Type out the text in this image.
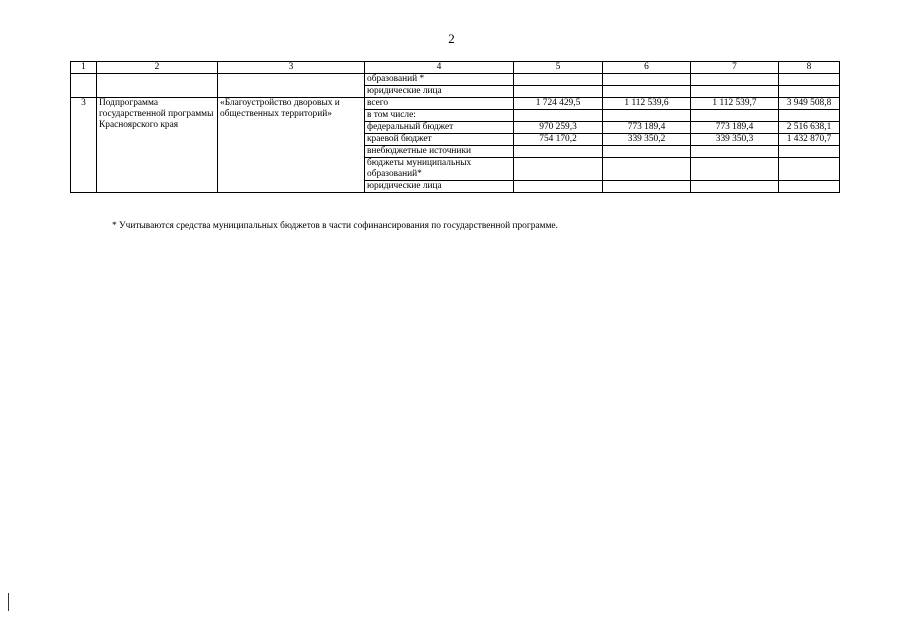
2
1	2	3	4	5	6	7	8
			образований *				
			юридические лица				
3	Подпрограмма государственной программы Красноярского края	«Благоустройство дворовых и общественных территорий»	всего	1 724 429,5	1 112 539,6	1 112 539,7	3 949 508,8
			в том числе:				
			федеральный бюджет	970 259,3	773 189,4	773 189,4	2 516 638,1
			краевой бюджет	754 170,2	339 350,2	339 350,3	1 432 870,7
			внебюджетные источники				
			бюджеты муниципальных образований*				
			юридические лица				
* Учитываются средства муниципальных бюджетов в части софинансирования по государственной программе.
